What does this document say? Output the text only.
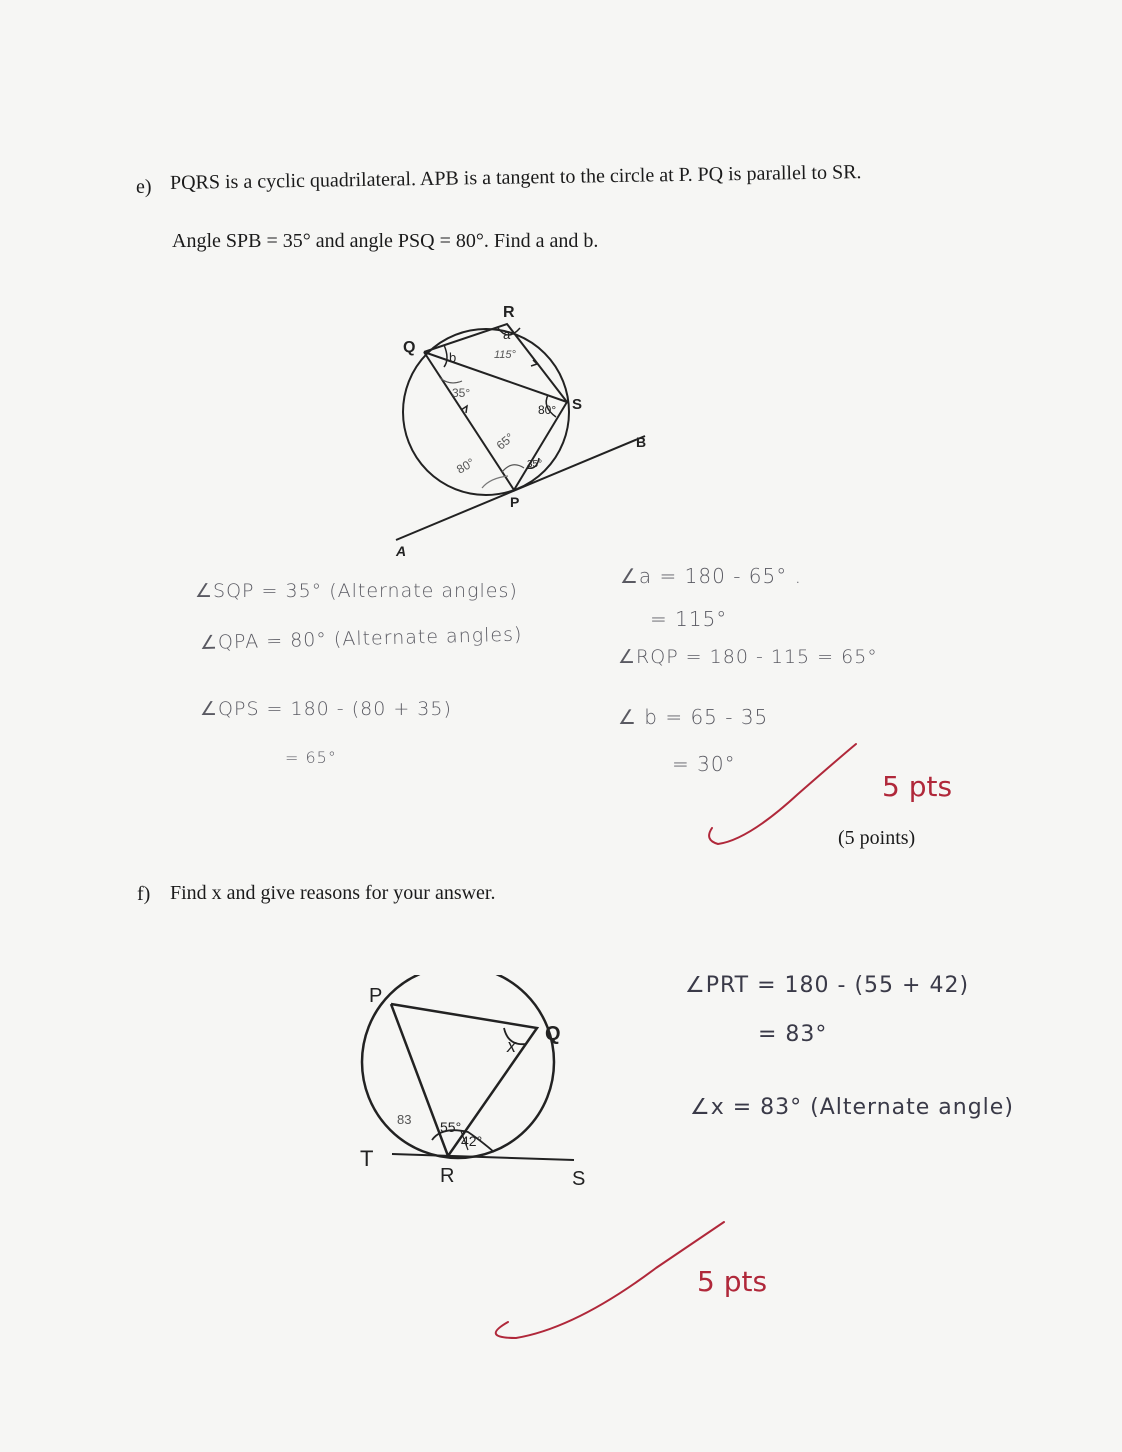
e) PQRS is a cyclic quadrilateral. APB is a tangent to the circle at P. PQ is parallel to SR.
Angle SPB = 35° and angle PSQ = 80°. Find a and b.
R
Q
S
P
A
B
a
b	115°
35°
80°
65°
35°
80°
∠SQP = 35° (Alternate angles)
∠QPA = 80° (Alternate angles)
∠QPS = 180 - (80 + 35)
= 65°
∠a = 180 - 65° .
= 115°
∠RQP = 180 - 115 = 65°
∠ b = 65 - 35
= 30°
5 pts
(5 points)
f) Find x and give reasons for your answer.
P
Q
T
R	S
x
83 55°
42°
∠PRT = 180 - (55 + 42)
= 83°
∠x = 83° (Alternate angle)
5 pts
